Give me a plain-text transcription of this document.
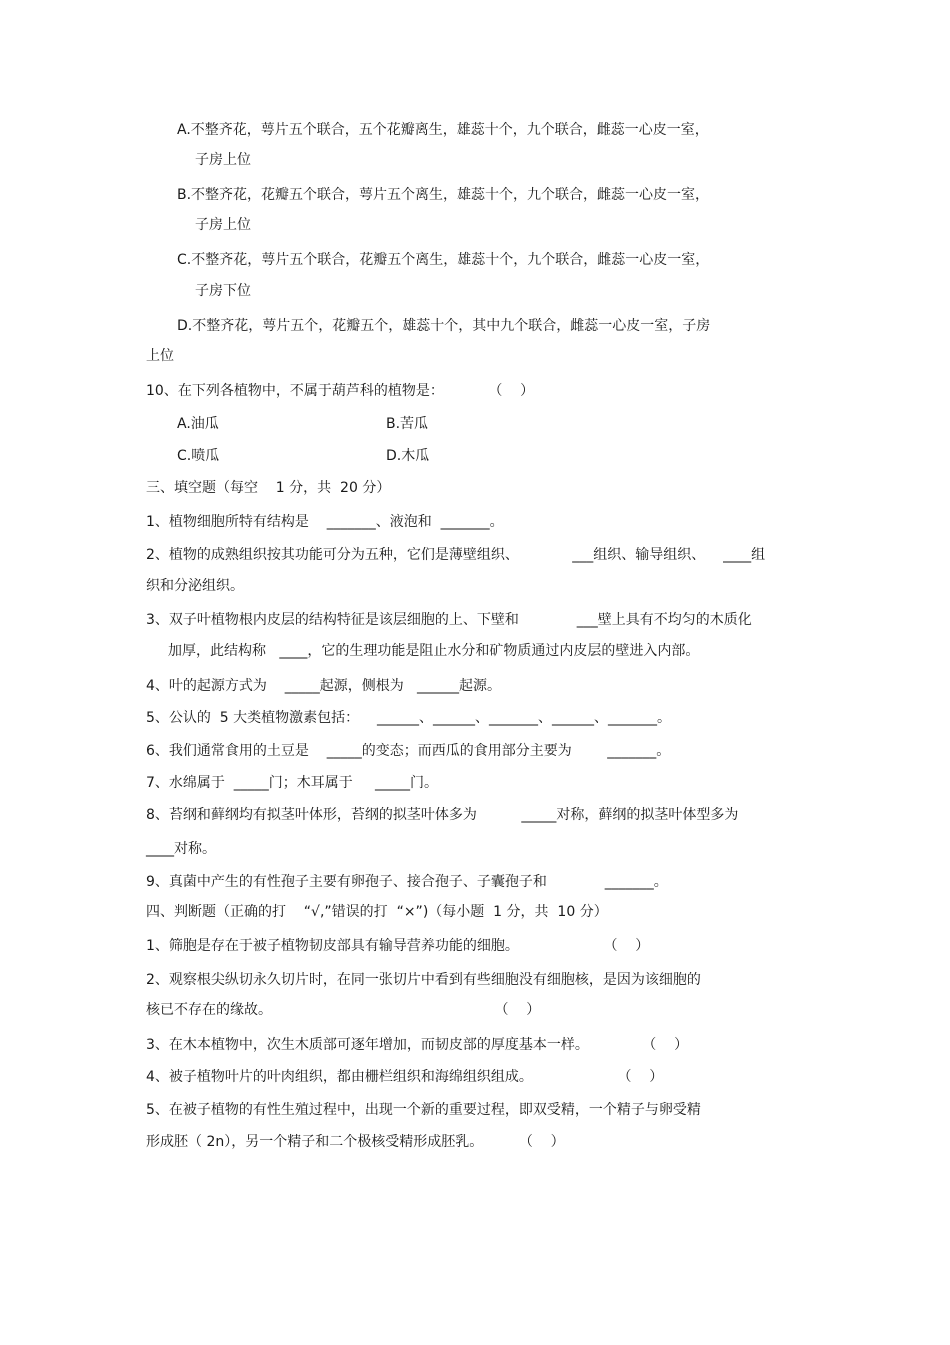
A.不整齐花，萼片五个联合，五个花瓣离生，雄蕊十个，九个联合，雌蕊一心皮一室，
子房上位
B.不整齐花，花瓣五个联合，萼片五个离生，雄蕊十个，九个联合，雌蕊一心皮一室，
子房上位
C.不整齐花，萼片五个联合，花瓣五个离生，雄蕊十个，九个联合，雌蕊一心皮一室，
子房下位
D.不整齐花，萼片五个，花瓣五个，雄蕊十个，其中九个联合，雌蕊一心皮一室，子房
上位
10、在下列各植物中，不属于葫芦科的植物是：          （    ）
A.油瓜	B.苦瓜
C.喷瓜	D.木瓜
三、填空题（每空    1 分，共  20 分）
1、植物细胞所特有结构是    _______、液泡和  _______。
2、植物的成熟组织按其功能可分为五种，它们是薄壁组织、            ___组织、输导组织、    ____组
织和分泌组织。
3、双子叶植物根内皮层的结构特征是该层细胞的上、下壁和             ___壁上具有不均匀的木质化
加厚，此结构称   ____，它的生理功能是阻止水分和矿物质通过内皮层的壁进入内部。
4、叶的起源方式为    _____起源，侧根为   ______起源。
5、公认的  5 大类植物激素包括：    ______、______、_______、______、_______。
6、我们通常食用的土豆是    _____的变态；而西瓜的食用部分主要为        _______。
7、水绵属于  _____门；木耳属于     _____门。
8、苔纲和藓纲均有拟茎叶体形，苔纲的拟茎叶体多为          _____对称，藓纲的拟茎叶体型多为
____对称。
9、真菌中产生的有性孢子主要有卵孢子、接合孢子、子囊孢子和             _______。
四、判断题（正确的打    “√,”错误的打  “×”)（每小题  1 分，共  10 分）
1、筛胞是存在于被子植物韧皮部具有输导营养功能的细胞。                   （    ）
2、观察根尖纵切永久切片时，在同一张切片中看到有些细胞没有细胞核，是因为该细胞的
核已不存在的缘故。                                                  （    ）
3、在木本植物中，次生木质部可逐年增加，而韧皮部的厚度基本一样。            （    ）
4、被子植物叶片的叶肉组织，都由栅栏组织和海绵组织组成。                   （    ）
5、在被子植物的有性生殖过程中，出现一个新的重要过程，即双受精，一个精子与卵受精
形成胚（ 2n），另一个精子和二个极核受精形成胚乳。        （    ）
